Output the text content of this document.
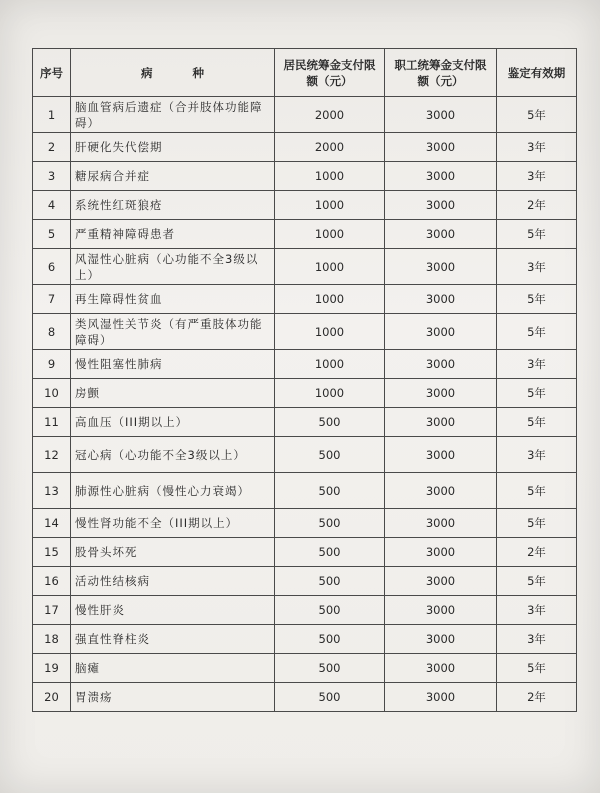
序号	病 种	居民统筹金支付限额（元）	职工统筹金支付限额（元）	鉴定有效期
1	脑血管病后遗症（合并肢体功能障碍）	2000	3000	5年
2	肝硬化失代偿期	2000	3000	3年
3	糖尿病合并症	1000	3000	3年
4	系统性红斑狼疮	1000	3000	2年
5	严重精神障碍患者	1000	3000	5年
6	风湿性心脏病（心功能不全3级以上）	1000	3000	3年
7	再生障碍性贫血	1000	3000	5年
8	类风湿性关节炎（有严重肢体功能障碍）	1000	3000	5年
9	慢性阻塞性肺病	1000	3000	3年
10	房颤	1000	3000	5年
11	高血压（III期以上）	500	3000	5年
12	冠心病（心功能不全3级以上）	500	3000	3年
13	肺源性心脏病（慢性心力衰竭）	500	3000	5年
14	慢性肾功能不全（III期以上）	500	3000	5年
15	股骨头坏死	500	3000	2年
16	活动性结核病	500	3000	5年
17	慢性肝炎	500	3000	3年
18	强直性脊柱炎	500	3000	3年
19	脑瘫	500	3000	5年
20	胃溃疡	500	3000	2年
